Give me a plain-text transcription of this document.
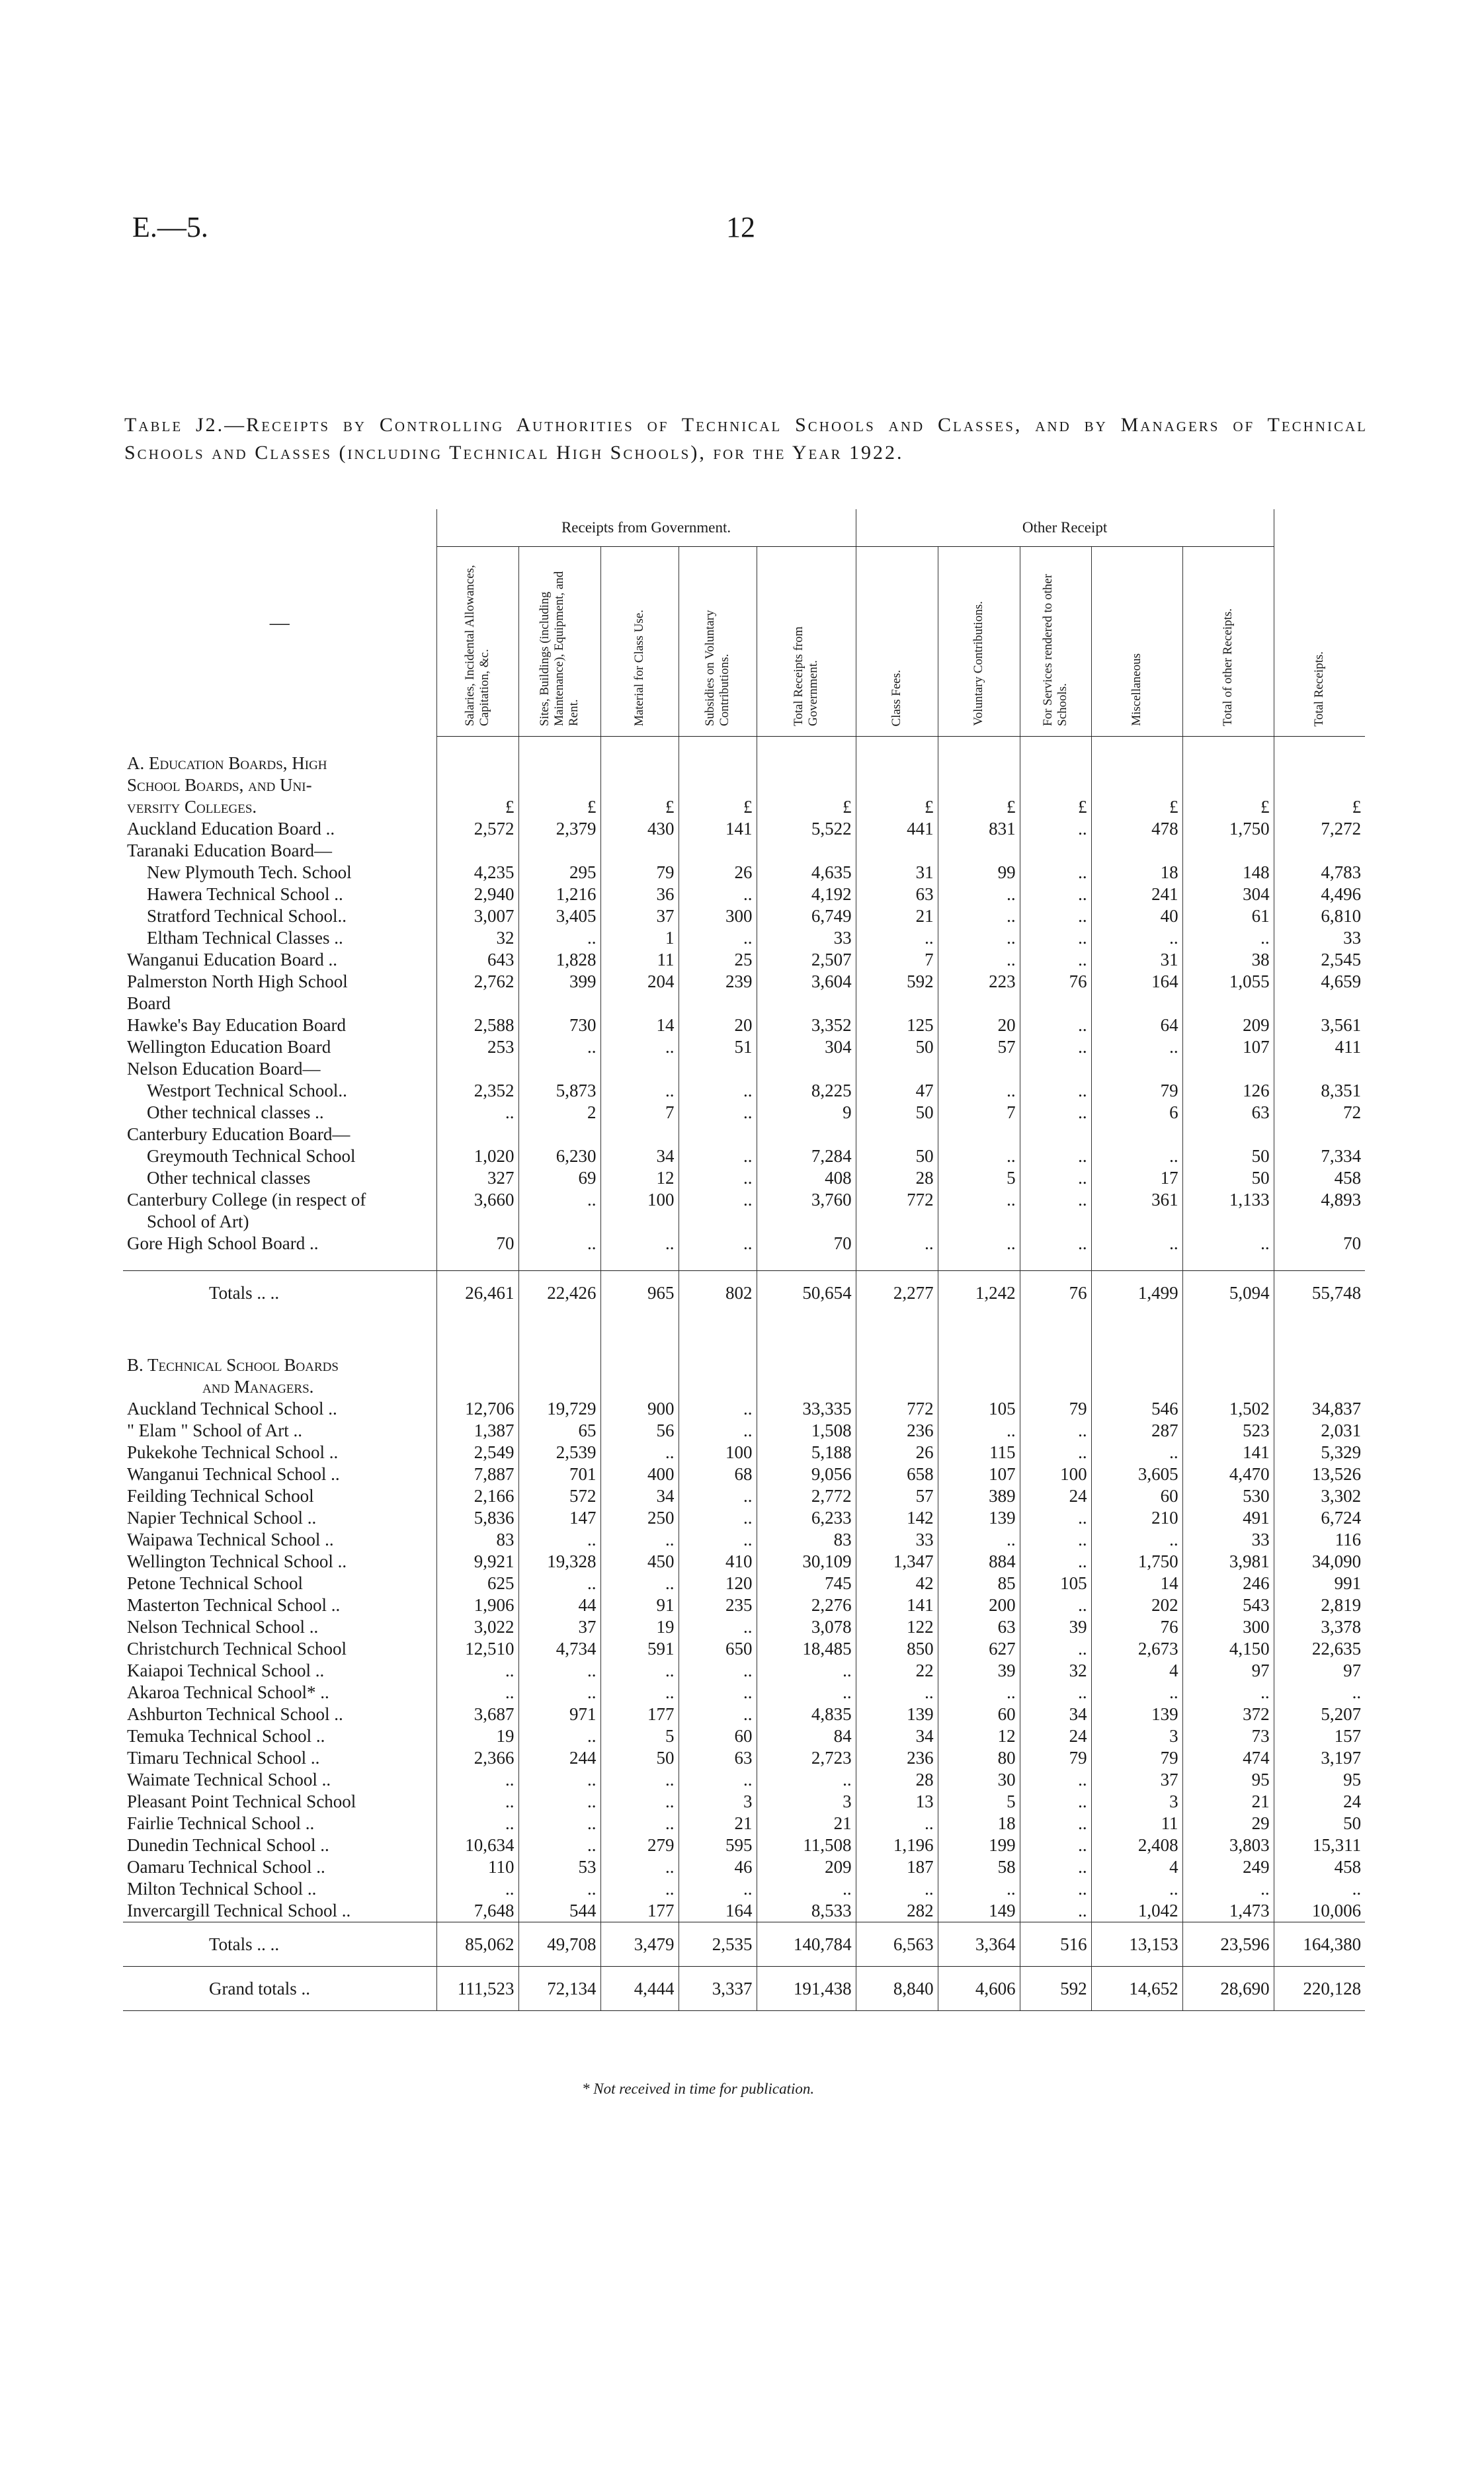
E.—5.	12
Table J2.—Receipts by Controlling Authorities of Technical Schools and Classes, and by Managers of Technical Schools and Classes (including Technical High Schools), for the Year 1922.
—	Receipts from Government.					Other Receipt					Total Receipts.
	Salaries, Incidental Allowances, Capitation, &c.	Sites, Buildings (including Maintenance), Equipment, and Rent.	Material for Class Use.	Subsidies on Voluntary Contributions.	Total Receipts from Government.	Class Fees.	Voluntary Contributions.	For Services rendered to other Schools.	Miscellaneous	Total of other Receipts.	

A. Education Boards, High											
School Boards, and Uni-											
versity Colleges.	£	£	£	£	£	£	£	£	£	£	£
Auckland Education Board ..	2,572	2,379	430	141	5,522	441	831	..	478	1,750	7,272
Taranaki Education Board—											
New Plymouth Tech. School	4,235	295	79	26	4,635	31	99	..	18	148	4,783
Hawera Technical School ..	2,940	1,216	36	..	4,192	63	..	..	241	304	4,496
Stratford Technical School..	3,007	3,405	37	300	6,749	21	..	..	40	61	6,810
Eltham Technical Classes ..	32	..	1	..	33	..	..	..	..	..	33
Wanganui Education Board ..	643	1,828	11	25	2,507	7	..	..	31	38	2,545
Palmerston North High School	2,762	399	204	239	3,604	592	223	76	164	1,055	4,659
Board											
Hawke's Bay Education Board	2,588	730	14	20	3,352	125	20	..	64	209	3,561
Wellington Education Board	253	..	..	51	304	50	57	..	..	107	411
Nelson Education Board—											
Westport Technical School..	2,352	5,873	..	..	8,225	47	..	..	79	126	8,351
Other technical classes ..	..	2	7	..	9	50	7	..	6	63	72
Canterbury Education Board—											
Greymouth Technical School	1,020	6,230	34	..	7,284	50	..	..	..	50	7,334
Other technical classes	327	69	12	..	408	28	5	..	17	50	458
Canterbury College (in respect of	3,660	..	100	..	3,760	772	..	..	361	1,133	4,893
School of Art)											
Gore High School Board ..	70	..	..	..	70	..	..	..	..	..	70

Totals .. ..	26,461	22,426	965	802	50,654	2,277	1,242	76	1,499	5,094	55,748

B. Technical School Boards											
and Managers.											
Auckland Technical School ..	12,706	19,729	900	..	33,335	772	105	79	546	1,502	34,837
" Elam " School of Art ..	1,387	65	56	..	1,508	236	..	..	287	523	2,031
Pukekohe Technical School ..	2,549	2,539	..	100	5,188	26	115	..	..	141	5,329
Wanganui Technical School ..	7,887	701	400	68	9,056	658	107	100	3,605	4,470	13,526
Feilding Technical School	2,166	572	34	..	2,772	57	389	24	60	530	3,302
Napier Technical School ..	5,836	147	250	..	6,233	142	139	..	210	491	6,724
Waipawa Technical School ..	83	..	..	..	83	33	..	..	..	33	116
Wellington Technical School ..	9,921	19,328	450	410	30,109	1,347	884	..	1,750	3,981	34,090
Petone Technical School	625	..	..	120	745	42	85	105	14	246	991
Masterton Technical School ..	1,906	44	91	235	2,276	141	200	..	202	543	2,819
Nelson Technical School ..	3,022	37	19	..	3,078	122	63	39	76	300	3,378
Christchurch Technical School	12,510	4,734	591	650	18,485	850	627	..	2,673	4,150	22,635
Kaiapoi Technical School ..	..	..	..	..	..	22	39	32	4	97	97
Akaroa Technical School* ..	..	..	..	..	..	..	..	..	..	..	..
Ashburton Technical School ..	3,687	971	177	..	4,835	139	60	34	139	372	5,207
Temuka Technical School ..	19	..	5	60	84	34	12	24	3	73	157
Timaru Technical School ..	2,366	244	50	63	2,723	236	80	79	79	474	3,197
Waimate Technical School ..	..	..	..	..	..	28	30	..	37	95	95
Pleasant Point Technical School	..	..	..	3	3	13	5	..	3	21	24
Fairlie Technical School ..	..	..	..	21	21	..	18	..	11	29	50
Dunedin Technical School ..	10,634	..	279	595	11,508	1,196	199	..	2,408	3,803	15,311
Oamaru Technical School ..	110	53	..	46	209	187	58	..	4	249	458
Milton Technical School ..	..	..	..	..	..	..	..	..	..	..	..
Invercargill Technical School ..	7,648	544	177	164	8,533	282	149	..	1,042	1,473	10,006
Totals .. ..	85,062	49,708	3,479	2,535	140,784	6,563	3,364	516	13,153	23,596	164,380
Grand totals ..	111,523	72,134	4,444	3,337	191,438	8,840	4,606	592	14,652	28,690	220,128
* Not received in time for publication.
